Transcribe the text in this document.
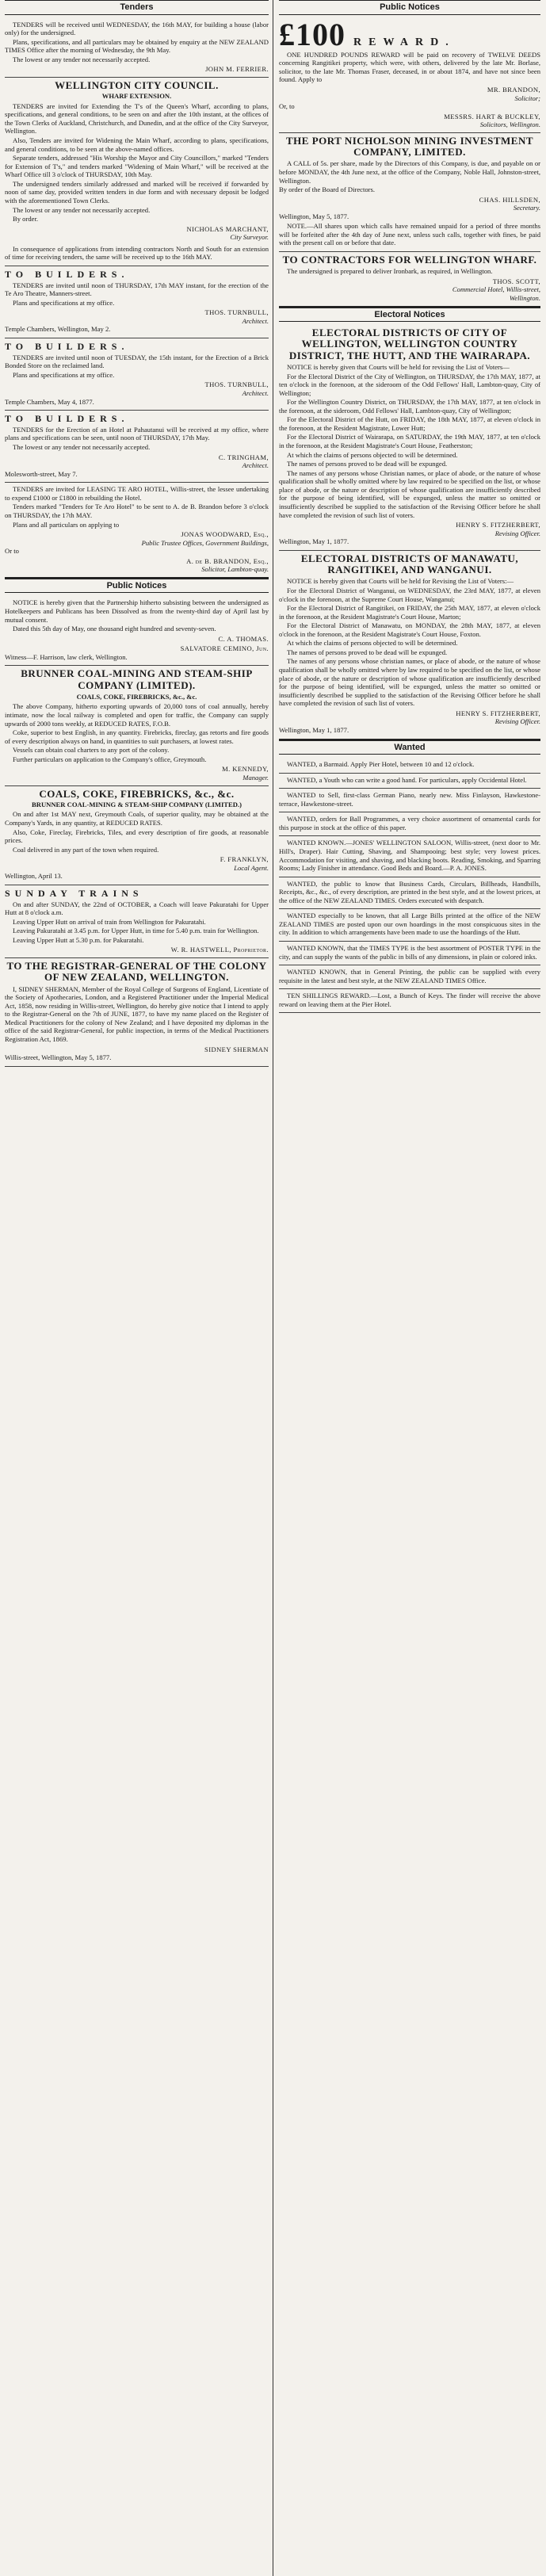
Tenders

TENDERS will be received until WEDNESDAY, the 16th MAY, for building a house (labor only) for the undersigned.

Plans, specifications, and all particulars may be obtained by enquiry at the NEW ZEALAND TIMES Office after the morning of Wednesday, the 9th May.

The lowest or any tender not necessarily accepted.

JOHN M. FERRIER.

WELLINGTON CITY COUNCIL.

WHARF EXTENSION.

TENDERS are invited for Extending the T's of the Queen's Wharf, according to plans, specifications, and general conditions, to be seen on and after the 10th instant, at the offices of the Town Clerks of Auckland, Christchurch, and Dunedin, and at the office of the City Surveyor, Wellington.

Also, Tenders are invited for Widening the Main Wharf, according to plans, specifications, and general conditions, to be seen at the above-named offices.

Separate tenders, addressed "His Worship the Mayor and City Councillors," marked "Tenders for Extension of T's," and tenders marked "Widening of Main Wharf," will be received at the Wharf Office till 3 o'clock of THURSDAY, 10th May.

The undersigned tenders similarly addressed and marked will be received if forwarded by noon of same day, provided written tenders in due form and with necessary deposit be lodged with the aforementioned Town Clerks.

The lowest or any tender not necessarily accepted.

By order.

NICHOLAS MARCHANT,
City Surveyor.

In consequence of applications from intending contractors North and South for an extension of time for receiving tenders, the same will be received up to the 16th MAY.

TO BUILDERS.

TENDERS are invited until noon of THURSDAY, 17th MAY instant, for the erection of the Te Aro Theatre, Manners-street.

Plans and specifications at my office.

THOS. TURNBULL,
Architect.

Temple Chambers, Wellington, May 2.

TO BUILDERS.

TENDERS are invited until noon of TUESDAY, the 15th instant, for the Erection of a Brick Bonded Store on the reclaimed land.

Plans and specifications at my office.

THOS. TURNBULL,
Architect.

Temple Chambers, May 4, 1877.

TO BUILDERS.

TENDERS for the Erection of an Hotel at Pahautanui will be received at my office, where plans and specifications can be seen, until noon of THURSDAY, 17th May.

The lowest or any tender not necessarily accepted.

C. TRINGHAM,
Architect.

Molesworth-street, May 7.

TENDERS are invited for LEASING TE ARO HOTEL, Willis-street, the lessee undertaking to expend £1000 or £1800 in rebuilding the Hotel.

Tenders marked "Tenders for Te Aro Hotel" to be sent to A. de B. Brandon before 3 o'clock on THURSDAY, the 17th MAY.

Plans and all particulars on applying to

JONAS WOODWARD, Esq.,
Public Trustee Offices, Government Buildings,

Or to

A. de B. BRANDON, Esq.,
Solicitor, Lambton-quay.
Public Notices

NOTICE is hereby given that the Partnership hitherto subsisting between the undersigned as Hotelkeepers and Publicans has been Dissolved as from the twenty-third day of April last by mutual consent.

Dated this 5th day of May, one thousand eight hundred and seventy-seven.

C. A. THOMAS.
SALVATORE CEMINO, Jun.

Witness—F. Harrison, law clerk, Wellington.

BRUNNER COAL-MINING AND STEAM-SHIP COMPANY (LIMITED).

COALS, COKE, FIREBRICKS, &c., &c.

The above Company, hitherto exporting upwards of 20,000 tons of coal annually, hereby intimate, now the local railway is completed and open for traffic, the Company can supply upwards of 2000 tons weekly, at REDUCED RATES, F.O.B.

Coke, superior to best English, in any quantity. Firebricks, fireclay, gas retorts and fire goods of every description always on hand, in quantities to suit purchasers, at lowest rates.

Vessels can obtain coal charters to any port of the colony.

Further particulars on application to the Company's office, Greymouth.

M. KENNEDY,
Manager.

COALS, COKE, FIREBRICKS, &c., &c.

BRUNNER COAL-MINING & STEAM-SHIP COMPANY (LIMITED.)

On and after 1st MAY next, Greymouth Coals, of superior quality, may be obtained at the Company's Yards, in any quantity, at REDUCED RATES.

Also, Coke, Fireclay, Firebricks, Tiles, and every description of fire goods, at reasonable prices.

Coal delivered in any part of the town when required.

F. FRANKLYN,
Local Agent.

Wellington, April 13.

SUNDAY TRAINS

On and after SUNDAY, the 22nd of OCTOBER, a Coach will leave Pakuratahi for Upper Hutt at 8 o'clock a.m.

Leaving Upper Hutt on arrival of train from Wellington for Pakuratahi.

Leaving Pakuratahi at 3.45 p.m. for Upper Hutt, in time for 5.40 p.m. train for Wellington.

Leaving Upper Hutt at 5.30 p.m. for Pakuratahi.

W. R. HASTWELL, Proprietor.

TO THE REGISTRAR-GENERAL OF THE COLONY OF NEW ZEALAND, WELLINGTON.

I, SIDNEY SHERMAN, Member of the Royal College of Surgeons of England, Licentiate of the Society of Apothecaries, London, and a Registered Practitioner under the Imperial Medical Act, 1858, now residing in Willis-street, Wellington, do hereby give notice that I intend to apply to the Registrar-General on the 7th of JUNE, 1877, to have my name placed on the Register of Medical Practitioners for the colony of New Zealand; and I have deposited my diplomas in the office of the said Registrar-General, for public inspection, in terms of the Medical Practitioners Registration Act, 1869.

SIDNEY SHERMAN

Willis-street, Wellington, May 5, 1877.

Public Notices
£100 REWARD.

ONE HUNDRED POUNDS REWARD will be paid on recovery of TWELVE DEEDS concerning Rangitikei property, which were, with others, delivered by the late Mr. Borlase, solicitor, to the late Mr. Thomas Fraser, deceased, in or about 1874, and have not since been found. Apply to

MR. BRANDON,
Solicitor;

Or, to

MESSRS. HART & BUCKLEY,
Solicitors, Wellington.

THE PORT NICHOLSON MINING INVESTMENT COMPANY, LIMITED.

A CALL of 5s. per share, made by the Directors of this Company, is due, and payable on or before MONDAY, the 4th June next, at the office of the Company, Noble Hall, Johnston-street, Wellington.

By order of the Board of Directors.

CHAS. HILLSDEN,
Secretary.

Wellington, May 5, 1877.

NOTE.—All shares upon which calls have remained unpaid for a period of three months will be forfeited after the 4th day of June next, unless such calls, together with fines, be paid with the present call on or before that date.

TO CONTRACTORS FOR WELLINGTON WHARF.

The undersigned is prepared to deliver Ironbark, as required, in Wellington.

THOS. SCOTT,
Commercial Hotel, Willis-street,
Wellington.
Electoral Notices

ELECTORAL DISTRICTS OF CITY OF WELLINGTON, WELLINGTON COUNTRY DISTRICT, THE HUTT, AND THE WAIRARAPA.

NOTICE is hereby given that Courts will be held for revising the List of Voters—

For the Electoral District of the City of Wellington, on THURSDAY, the 17th MAY, 1877, at ten o'clock in the forenoon, at the sideroom of the Odd Fellows' Hall, Lambton-quay, City of Wellington;

For the Wellington Country District, on THURSDAY, the 17th MAY, 1877, at ten o'clock in the forenoon, at the sideroom, Odd Fellows' Hall, Lambton-quay, City of Wellington;

For the Electoral District of the Hutt, on FRIDAY, the 18th MAY, 1877, at eleven o'clock in the forenoon, at the Resident Magistrate, Lower Hutt;

For the Electoral District of Wairarapa, on SATURDAY, the 19th MAY, 1877, at ten o'clock in the forenoon, at the Resident Magistrate's Court House, Featherston;

At which the claims of persons objected to will be determined.

The names of persons proved to be dead will be expunged.

The names of any persons whose Christian names, or place of abode, or the nature of whose qualification shall be wholly omitted where by law required to be specified on the list, or whose place of abode, or the nature or description of whose qualification are insufficiently described for the purpose of being identified, will be expunged, unless the matter so omitted or insufficiently described be supplied to the satisfaction of the Revising Officer before he shall have completed the revision of such list of voters.

HENRY S. FITZHERBERT,
Revising Officer.

Wellington, May 1, 1877.

ELECTORAL DISTRICTS OF MANAWATU, RANGITIKEI, AND WANGANUI.

NOTICE is hereby given that Courts will be held for Revising the List of Voters:—

For the Electoral District of Wanganui, on WEDNESDAY, the 23rd MAY, 1877, at eleven o'clock in the forenoon, at the Supreme Court House, Wanganui;

For the Electoral District of Rangitikei, on FRIDAY, the 25th MAY, 1877, at eleven o'clock in the forenoon, at the Resident Magistrate's Court House, Marton;

For the Electoral District of Manawatu, on MONDAY, the 28th MAY, 1877, at eleven o'clock in the forenoon, at the Resident Magistrate's Court House, Foxton.

At which the claims of persons objected to will be determined.

The names of persons proved to be dead will be expunged.

The names of any persons whose christian names, or place of abode, or the nature of whose qualification shall be wholly omitted where by law required to be specified on the list, or whose place of abode, or the nature or description of whose qualification are insufficiently described for the purpose of being identified, will be expunged, unless the matter so omitted or insufficiently described be supplied to the satisfaction of the Revising Officer before he shall have completed the revision of such list of voters.

HENRY S. FITZHERBERT,
Revising Officer.

Wellington, May 1, 1877.

Wanted

WANTED, a Barmaid. Apply Pier Hotel, between 10 and 12 o'clock.

WANTED, a Youth who can write a good hand. For particulars, apply Occidental Hotel.

WANTED to Sell, first-class German Piano, nearly new. Miss Finlayson, Hawkestone-terrace, Hawkestone-street.

WANTED, orders for Ball Programmes, a very choice assortment of ornamental cards for this purpose in stock at the office of this paper.

WANTED KNOWN.—JONES' WELLINGTON SALOON, Willis-street, (next door to Mr. Hill's, Draper). Hair Cutting, Shaving, and Shampooing; best style; very lowest prices. Accommodation for visiting, and shaving, and blacking boots. Reading, Smoking, and Sparring Rooms; Lady Finisher in attendance. Good Beds and Board.—P. A. JONES.

WANTED, the public to know that Business Cards, Circulars, Billheads, Handbills, Receipts, &c., &c., of every description, are printed in the best style, and at the lowest prices, at the office of the NEW ZEALAND TIMES. Orders executed with despatch.

WANTED especially to be known, that all Large Bills printed at the office of the NEW ZEALAND TIMES are posted upon our own hoardings in the most conspicuous sites in the city. In addition to which arrangements have been made to use the hoardings of the Hutt.

WANTED KNOWN, that the TIMES TYPE is the best assortment of POSTER TYPE in the city, and can supply the wants of the public in bills of any dimensions, in plain or colored inks.

WANTED KNOWN, that in General Printing, the public can be supplied with every requisite in the latest and best style, at the NEW ZEALAND TIMES Office.

TEN SHILLINGS REWARD.—Lost, a Bunch of Keys. The finder will receive the above reward on leaving them at the Pier Hotel.
